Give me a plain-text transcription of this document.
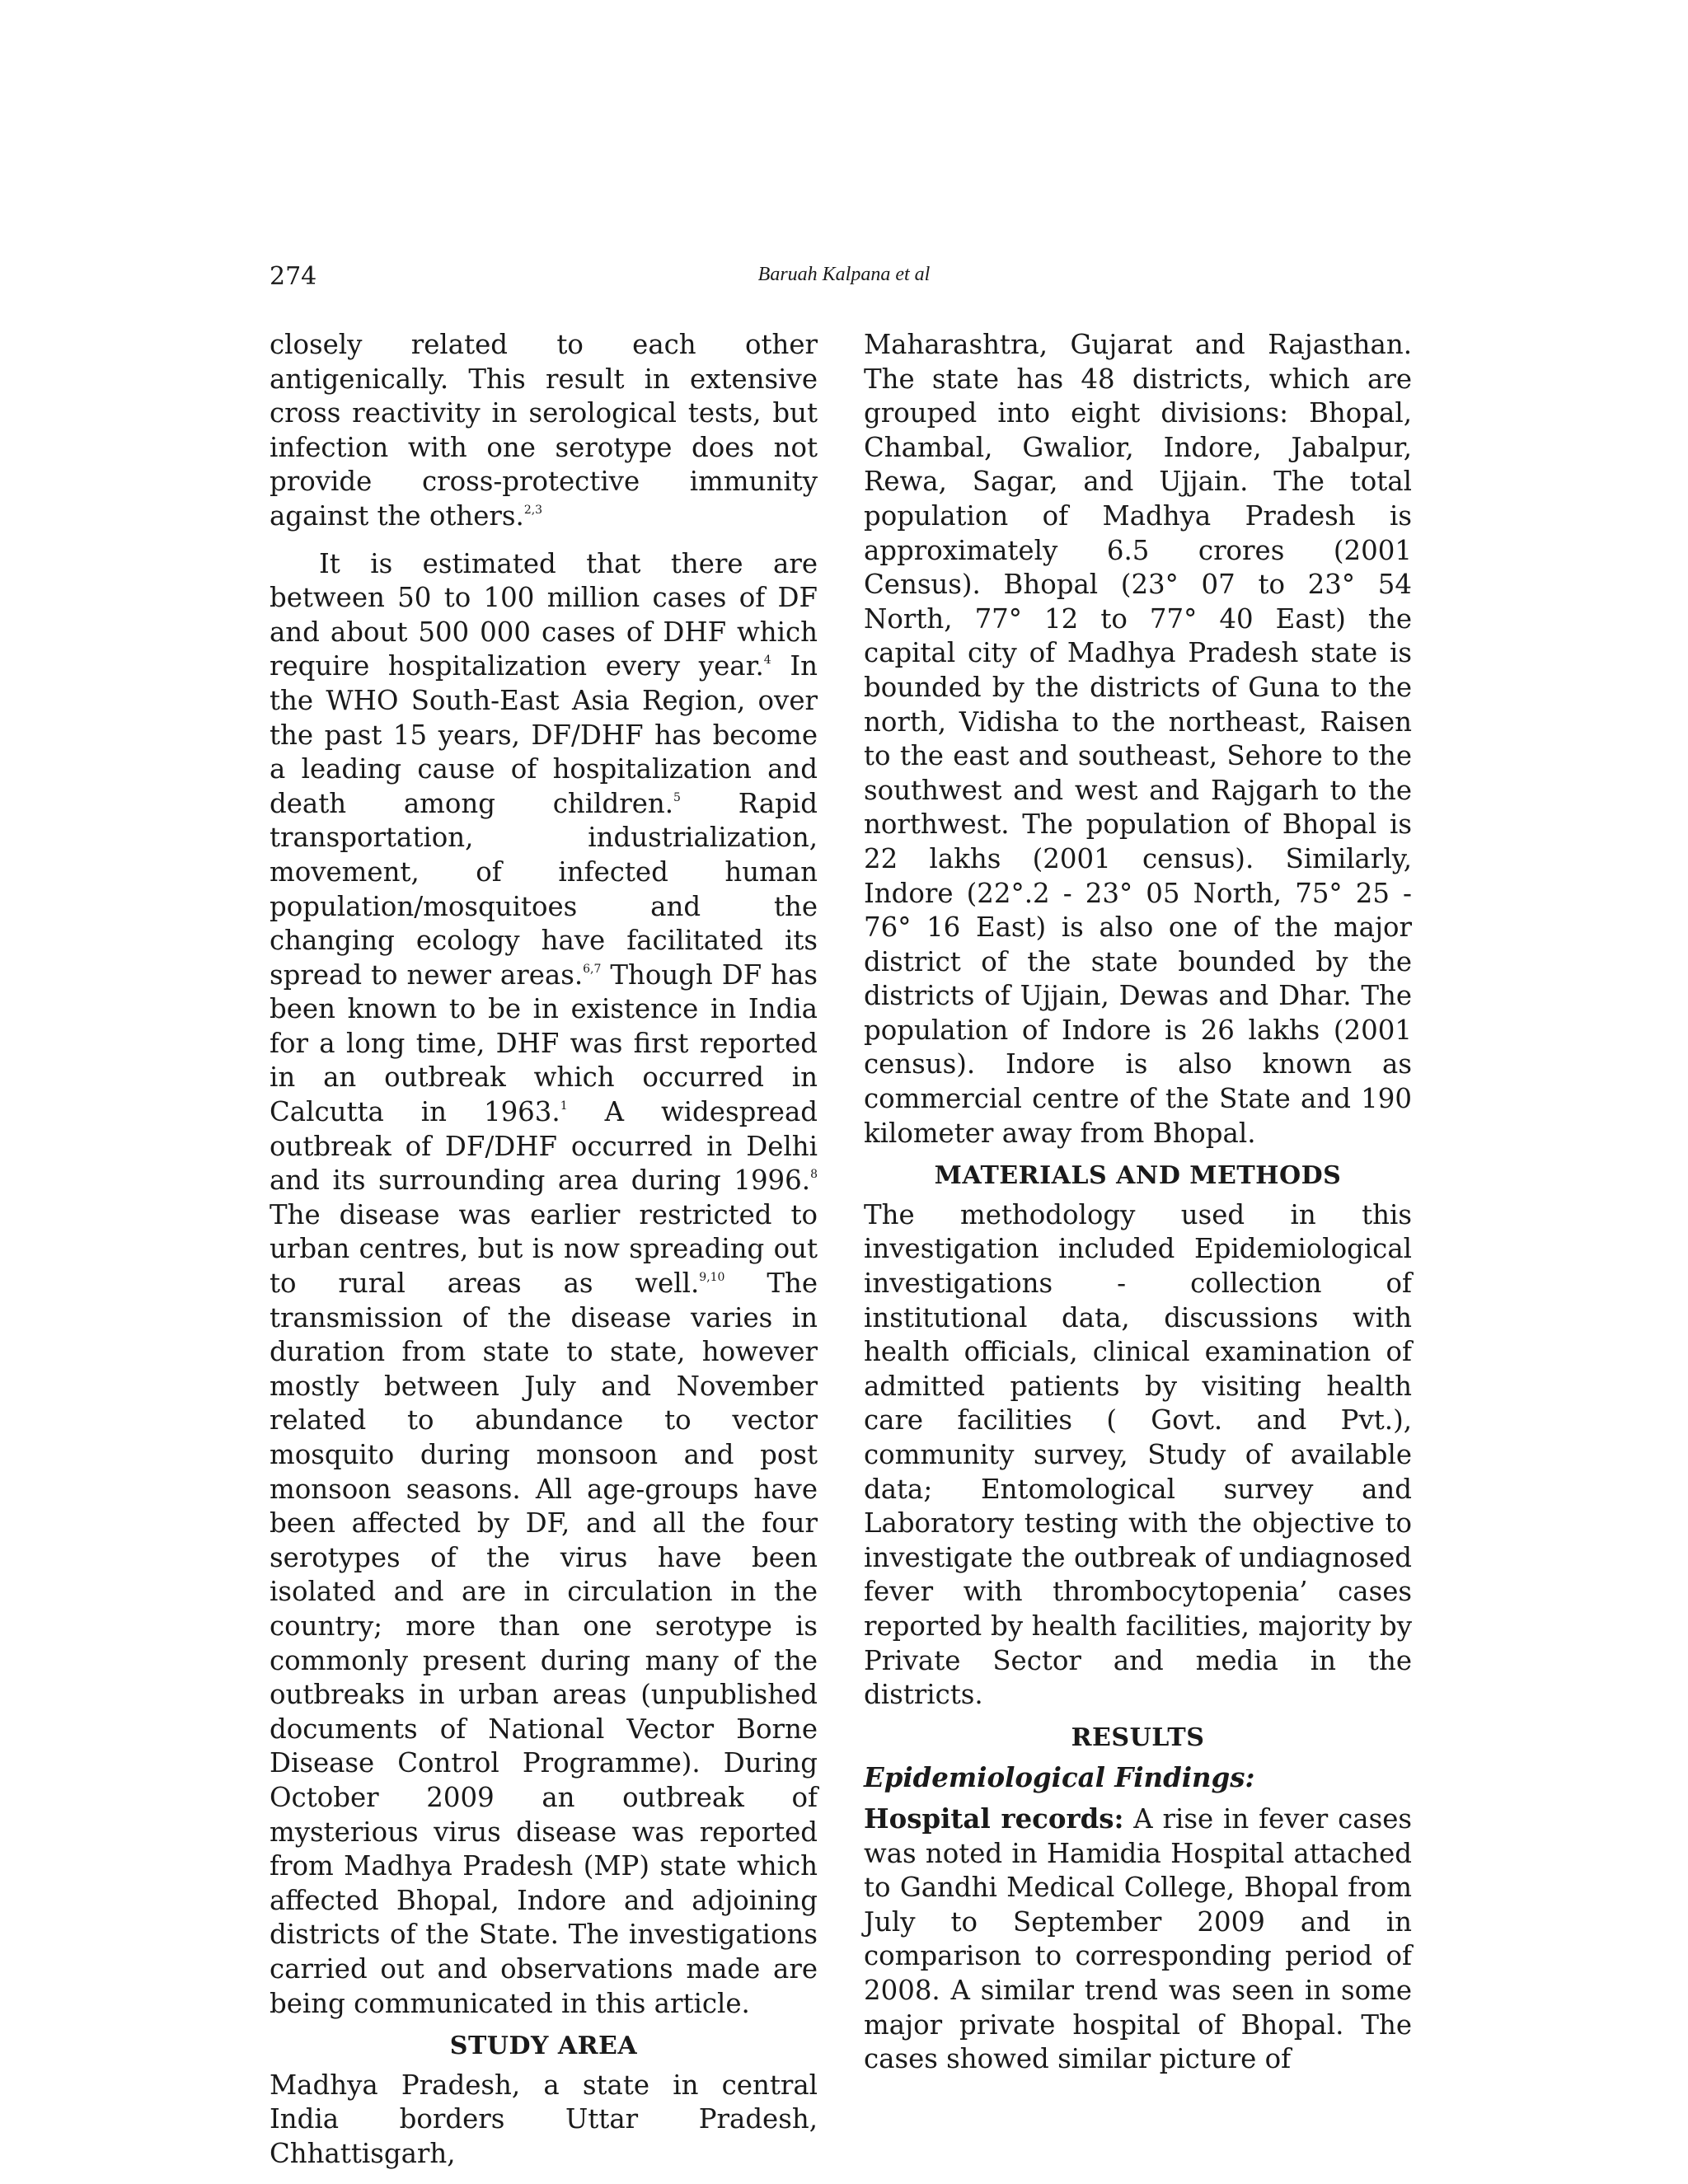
274	Baruah Kalpana et al

closely related to each other antigenically. This result in extensive cross reactivity in serological tests, but infection with one serotype does not provide cross-protective immunity against the others.$^{2,3}$

It is estimated that there are between 50 to 100 million cases of DF and about 500 000 cases of DHF which require hospitalization every year.$^4$ In the WHO South-East Asia Region, over the past 15 years, DF/DHF has become a leading cause of hospitalization and death among children.$^5$ Rapid transportation, industrialization, movement, of infected human population/mosquitoes and the changing ecology have facilitated its spread to newer areas.$^{6,7}$ Though DF has been known to be in existence in India for a long time, DHF was first reported in an outbreak which occurred in Calcutta in 1963.$^1$ A widespread outbreak of DF/DHF occurred in Delhi and its surrounding area during 1996.$^8$ The disease was earlier restricted to urban centres, but is now spreading out to rural areas as well.$^{9,10}$ The transmission of the disease varies in duration from state to state, however mostly between July and November related to abundance to vector mosquito during monsoon and post monsoon seasons. All age-groups have been affected by DF, and all the four serotypes of the virus have been isolated and are in circulation in the country; more than one serotype is commonly present during many of the outbreaks in urban areas (unpublished documents of National Vector Borne Disease Control Programme). During October 2009 an outbreak of mysterious virus disease was reported from Madhya Pradesh (MP) state which affected Bhopal, Indore and adjoining districts of the State. The investigations carried out and observations made are being communicated in this article.

STUDY AREA

Madhya Pradesh, a state in central India borders Uttar Pradesh, Chhattisgarh,

Maharashtra, Gujarat and Rajasthan. The state has 48 districts, which are grouped into eight divisions: Bhopal, Chambal, Gwalior, Indore, Jabalpur, Rewa, Sagar, and Ujjain. The total population of Madhya Pradesh is approximately 6.5 crores (2001 Census). Bhopal (23° 07 to 23° 54 North, 77° 12 to 77° 40 East) the capital city of Madhya Pradesh state is bounded by the districts of Guna to the north, Vidisha to the northeast, Raisen to the east and southeast, Sehore to the southwest and west and Rajgarh to the northwest. The population of Bhopal is 22 lakhs (2001 census). Similarly, Indore (22°.2 - 23° 05 North, 75° 25 - 76° 16 East) is also one of the major district of the state bounded by the districts of Ujjain, Dewas and Dhar. The population of Indore is 26 lakhs (2001 census). Indore is also known as commercial centre of the State and 190 kilometer away from Bhopal.

MATERIALS AND METHODS

The methodology used in this investigation included Epidemiological investigations - collection of institutional data, discussions with health officials, clinical examination of admitted patients by visiting health care facilities ( Govt. and Pvt.), community survey, Study of available data; Entomological survey and Laboratory testing with the objective to investigate the outbreak of undiagnosed fever with thrombocytopenia’ cases reported by health facilities, majority by Private Sector and media in the districts.

RESULTS
Epidemiological Findings:

Hospital records: A rise in fever cases was noted in Hamidia Hospital attached to Gandhi Medical College, Bhopal from July to September 2009 and in comparison to corresponding period of 2008. A similar trend was seen in some major private hospital of Bhopal. The cases showed similar picture of
